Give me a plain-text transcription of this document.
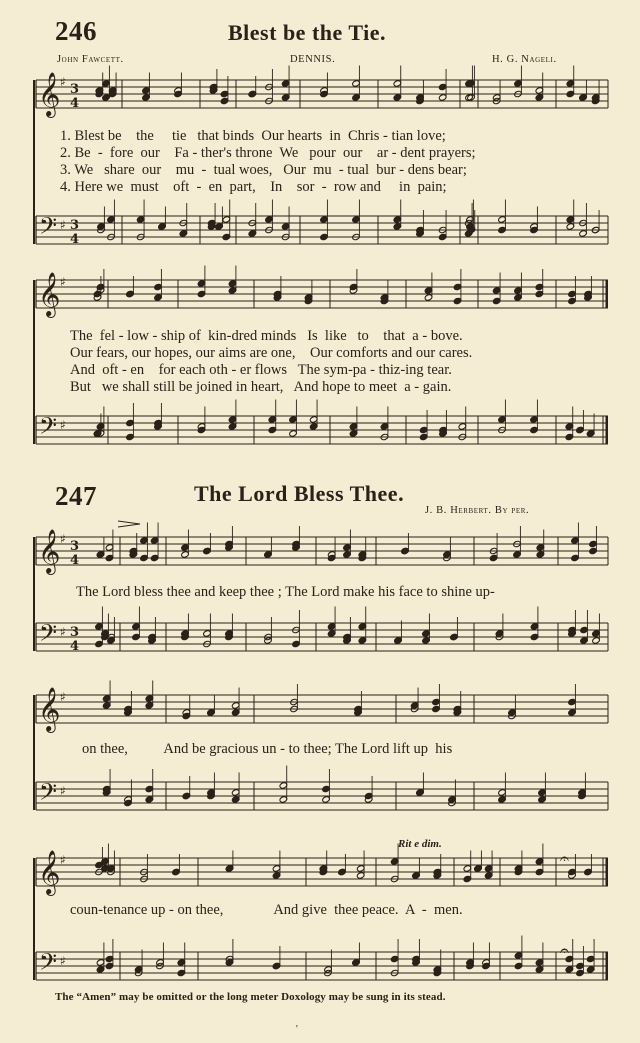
246	Blest be the Tie.
John Fawcett.	DENNIS.	H. G. Nageli.
1. Blest be    the     tie   that binds  Our hearts  in  Chris - tian love;
2. Be  -  fore  our    Fa - ther's throne  We   pour  our    ar - dent prayers;
3. We   share  our    mu  -  tual woes,   Our  mu  - tual  bur - dens bear;
4. Here we  must    oft  -  en  part,    In    sor  -  row and     in  pain;
The  fel - low - ship of  kin-dred minds   Is  like   to    that  a - bove.
Our fears, our hopes, our aims are one,    Our comforts and our cares.
And  oft - en    for each oth - er flows   The sym-pa - thiz-ing tear.
But   we shall still be joined in heart,   And hope to meet  a - gain.
247	The Lord Bless Thee.
J. B. Herbert. By per.
The Lord bless thee and keep thee ; The Lord make his face to shine up-
on thee,          And be gracious un - to thee; The Lord lift up  his
coun-tenance up - on thee,              And give  thee peace.  A  -  men.
Rit e dim.
The “Amen” may be omitted or the long meter Doxology may be sung in its stead.
'
𝄞 ♯ 3
4
𝄢 ♯ 3
4
𝄞 ♯
𝄢 ♯
𝄞 ♯ 3
4
𝄢 ♯ 3
4
𝄞 ♯
𝄢 ♯
𝄞 ♯
𝄢 ♯
𝄐
𝄐
